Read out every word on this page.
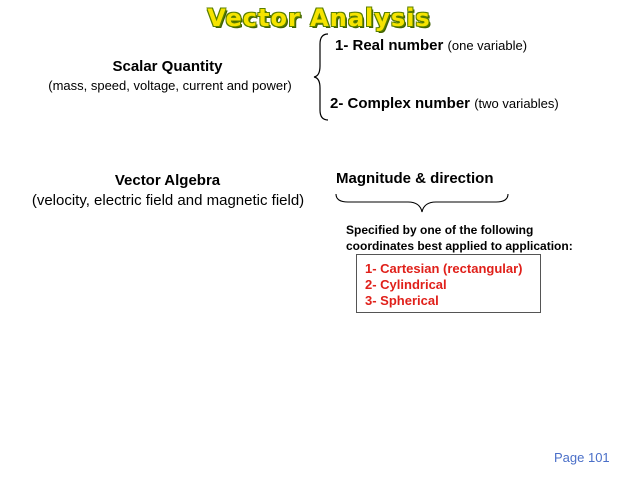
Vector Analysis
Scalar Quantity
(mass, speed, voltage, current and power)
1- Real number (one variable)
2- Complex number (two variables)
Vector Algebra
(velocity, electric field and magnetic field)
Magnitude & direction
Specified by one of the following
coordinates best applied to application:
1- Cartesian (rectangular)
2- Cylindrical
3- Spherical
Page 101
